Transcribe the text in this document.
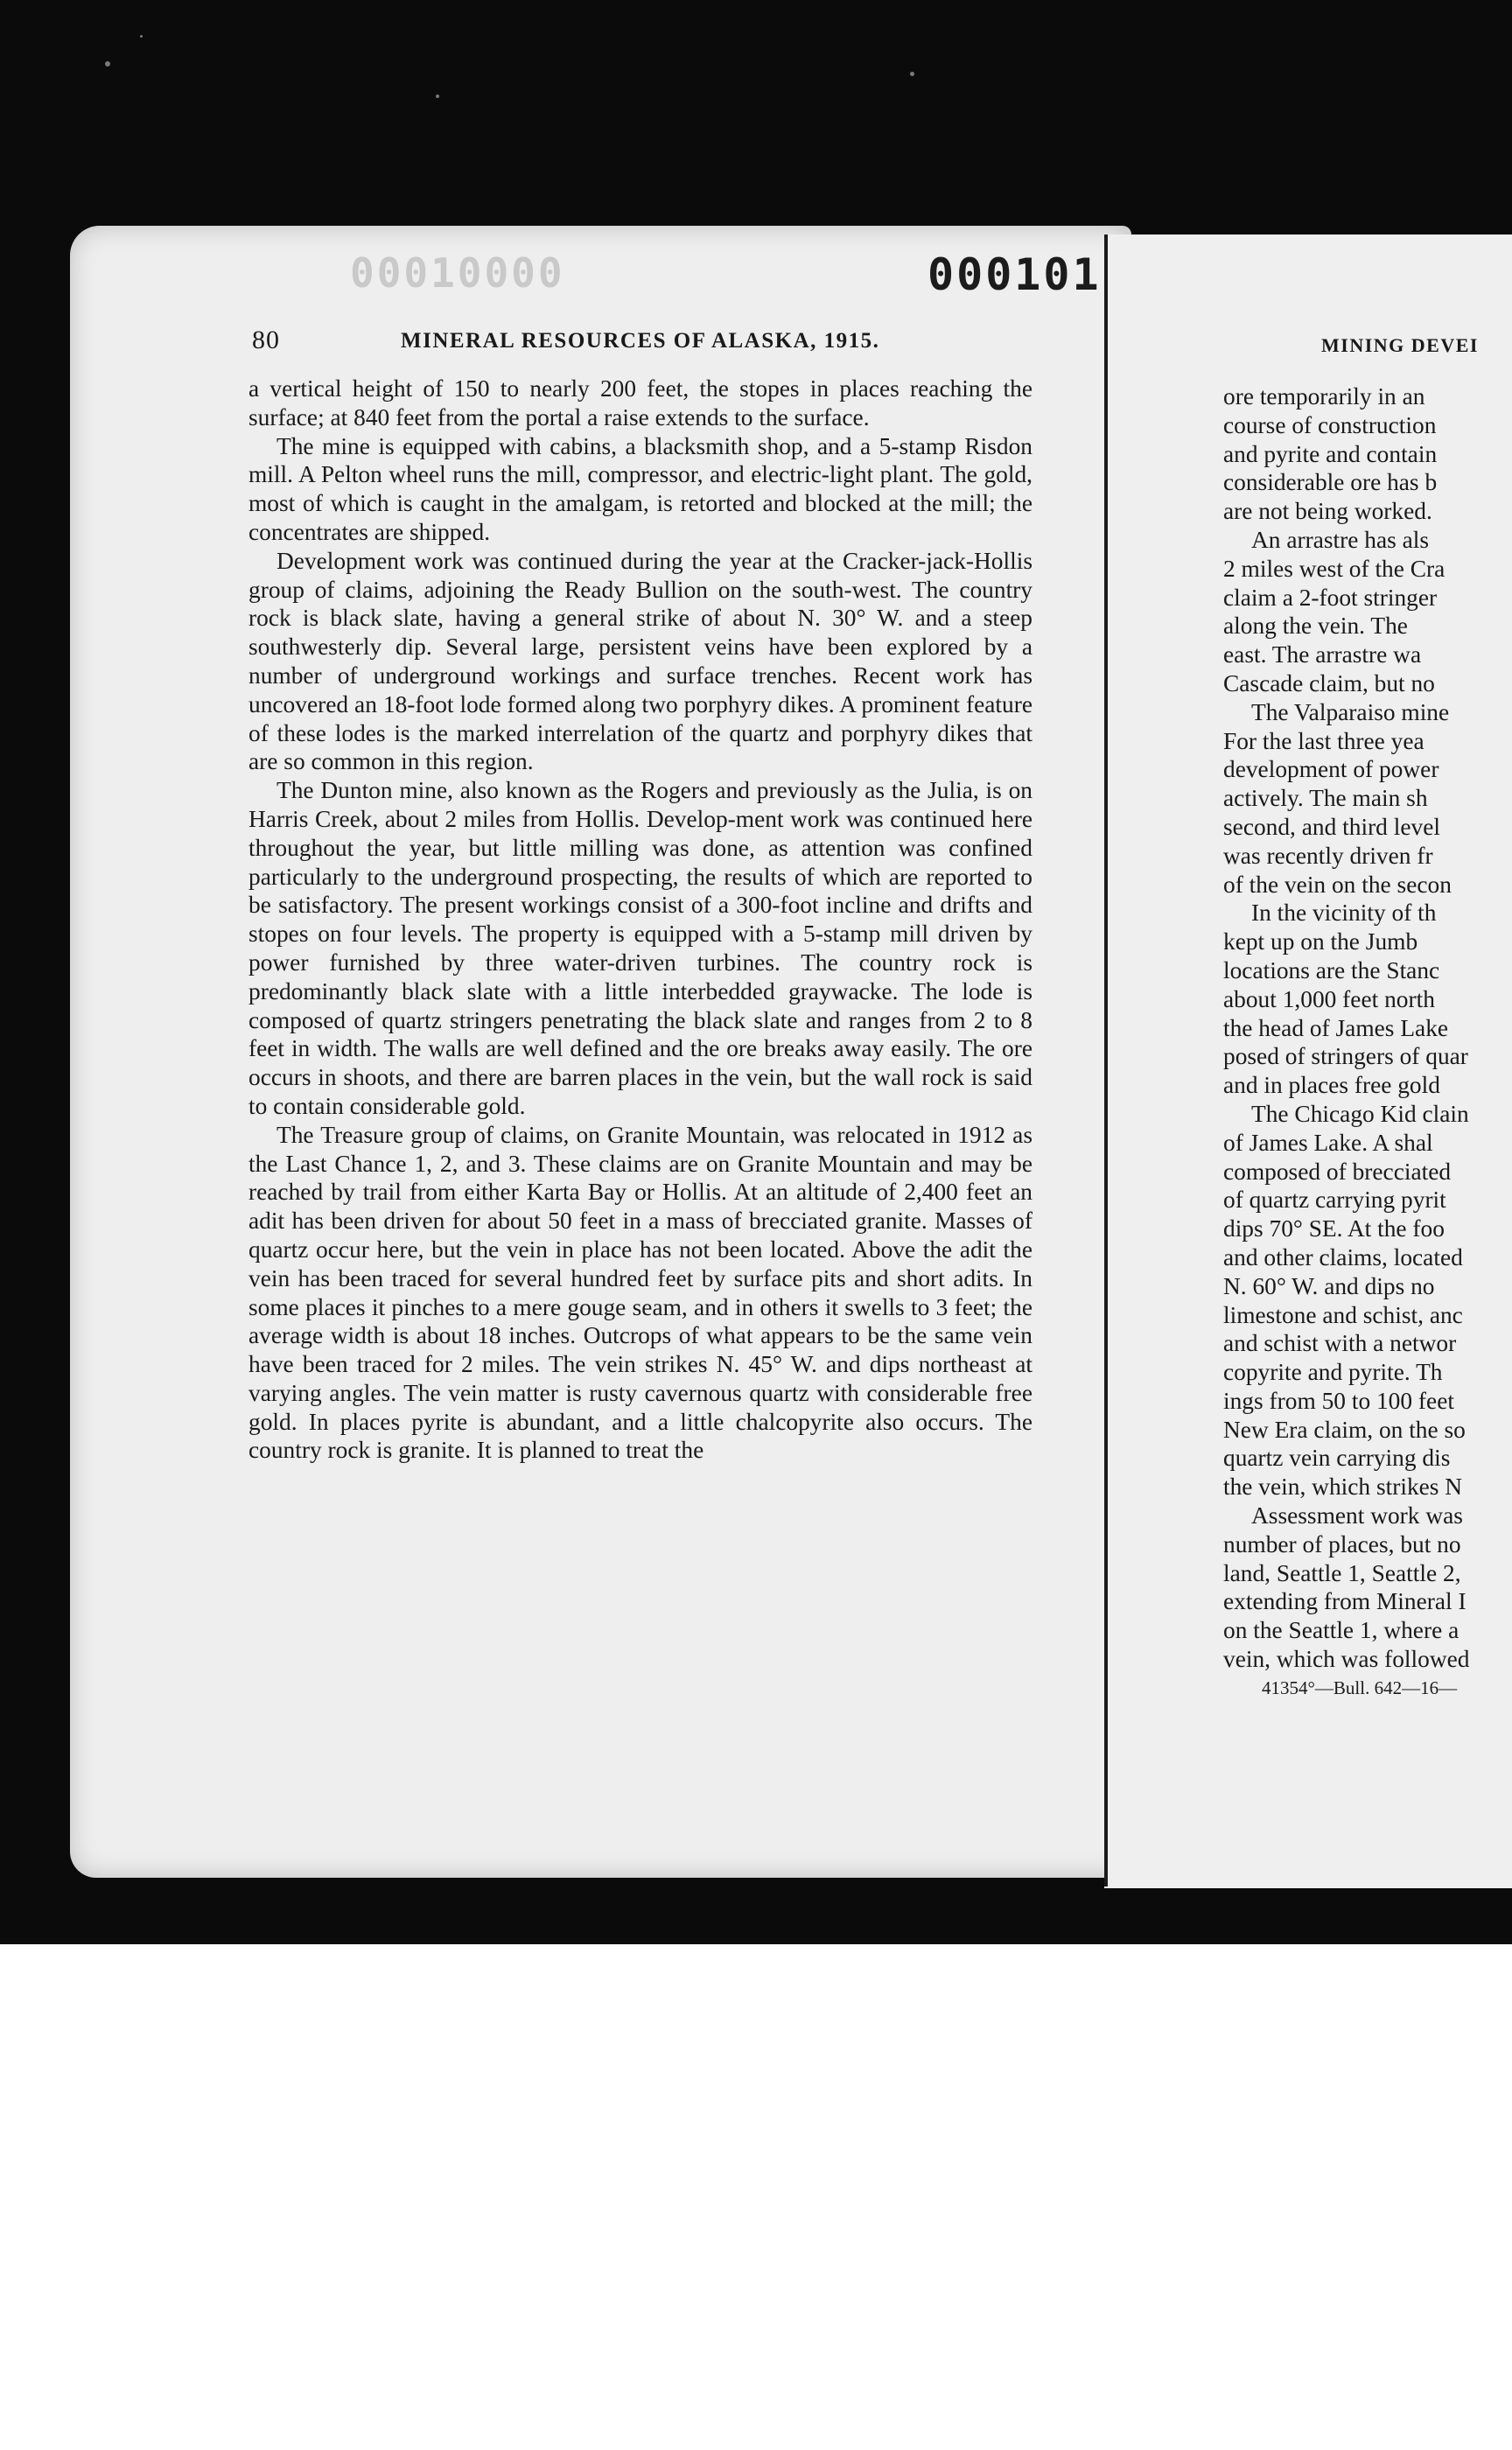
00010000	000101
80	MINERAL RESOURCES OF ALASKA, 1915.

a vertical height of 150 to nearly 200 feet, the stopes in places reaching the surface; at 840 feet from the portal a raise extends to the surface.

The mine is equipped with cabins, a blacksmith shop, and a 5-stamp Risdon mill. A Pelton wheel runs the mill, compressor, and electric-light plant. The gold, most of which is caught in the amalgam, is retorted and blocked at the mill; the concentrates are shipped.

Development work was continued during the year at the Cracker-jack-Hollis group of claims, adjoining the Ready Bullion on the south-west. The country rock is black slate, having a general strike of about N. 30° W. and a steep southwesterly dip. Several large, persistent veins have been explored by a number of underground workings and surface trenches. Recent work has uncovered an 18-foot lode formed along two porphyry dikes. A prominent feature of these lodes is the marked interrelation of the quartz and porphyry dikes that are so common in this region.

The Dunton mine, also known as the Rogers and previously as the Julia, is on Harris Creek, about 2 miles from Hollis. Develop-ment work was continued here throughout the year, but little milling was done, as attention was confined particularly to the underground prospecting, the results of which are reported to be satisfactory. The present workings consist of a 300-foot incline and drifts and stopes on four levels. The property is equipped with a 5-stamp mill driven by power furnished by three water-driven turbines. The country rock is predominantly black slate with a little interbedded graywacke. The lode is composed of quartz stringers penetrating the black slate and ranges from 2 to 8 feet in width. The walls are well defined and the ore breaks away easily. The ore occurs in shoots, and there are barren places in the vein, but the wall rock is said to contain considerable gold.

The Treasure group of claims, on Granite Mountain, was relocated in 1912 as the Last Chance 1, 2, and 3. These claims are on Granite Mountain and may be reached by trail from either Karta Bay or Hollis. At an altitude of 2,400 feet an adit has been driven for about 50 feet in a mass of brecciated granite. Masses of quartz occur here, but the vein in place has not been located. Above the adit the vein has been traced for several hundred feet by surface pits and short adits. In some places it pinches to a mere gouge seam, and in others it swells to 3 feet; the average width is about 18 inches. Outcrops of what appears to be the same vein have been traced for 2 miles. The vein strikes N. 45° W. and dips northeast at varying angles. The vein matter is rusty cavernous quartz with considerable free gold. In places pyrite is abundant, and a little chalcopyrite also occurs. The country rock is granite. It is planned to treat the

MINING DEVEI
ore temporarily in an
course of construction
and pyrite and contain
considerable ore has b
are not being worked.
An arrastre has als
2 miles west of the Cra
claim a 2-foot stringer
along the vein. The
east. The arrastre wa
Cascade claim, but no
The Valparaiso mine
For the last three yea
development of power
actively. The main sh
second, and third level
was recently driven fr
of the vein on the secon
In the vicinity of th
kept up on the Jumb
locations are the Stanc
about 1,000 feet north
the head of James Lake
posed of stringers of quar
and in places free gold
The Chicago Kid clain
of James Lake. A shal
composed of brecciated
of quartz carrying pyrit
dips 70° SE. At the foo
and other claims, located
N. 60° W. and dips no
limestone and schist, anc
and schist with a networ
copyrite and pyrite. Th
ings from 50 to 100 feet
New Era claim, on the so
quartz vein carrying dis
the vein, which strikes N
Assessment work was
number of places, but no
land, Seattle 1, Seattle 2,
extending from Mineral I
on the Seattle 1, where a
vein, which was followed
41354°—Bull. 642—16—
